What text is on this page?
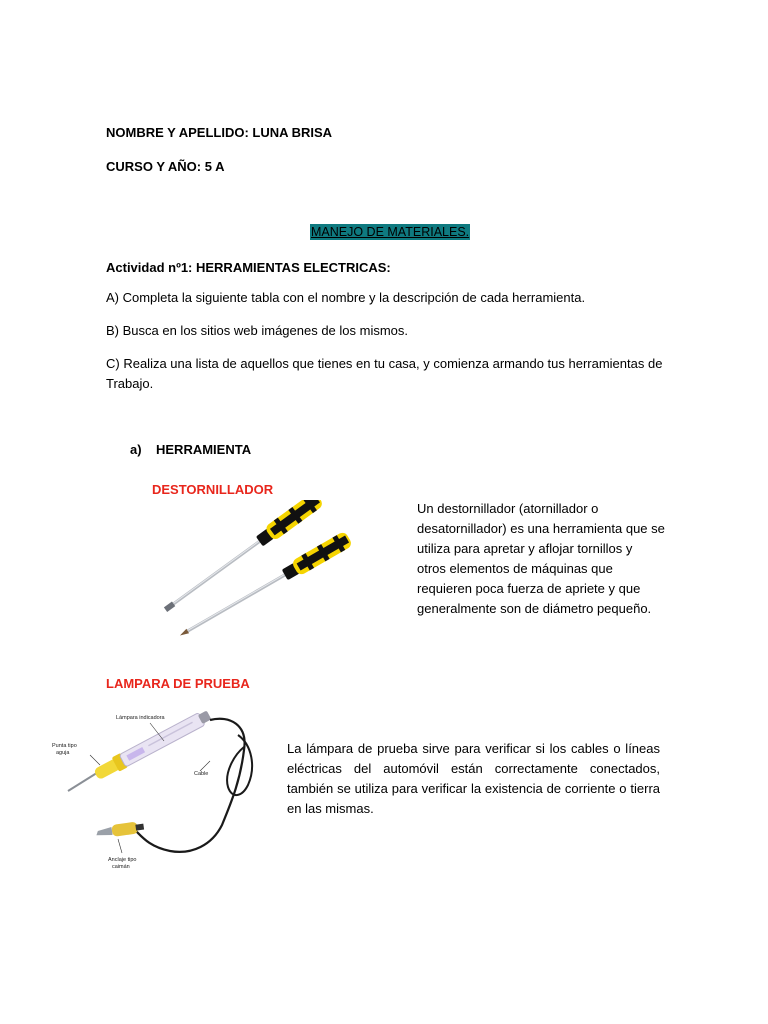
NOMBRE Y APELLIDO: LUNA BRISA
CURSO Y AÑO: 5 A
MANEJO DE MATERIALES.
Actividad nº1: HERRAMIENTAS ELECTRICAS:
A) Completa la siguiente tabla con el nombre y la descripción de cada herramienta.
B) Busca en los sitios web imágenes de los mismos.
C) Realiza una lista de aquellos que tienes en tu casa, y comienza armando tus herramientas de
Trabajo.
a) HERRAMIENTA
DESTORNILLADOR
Un destornillador (atornillador o
desatornillador) es una herramienta que se
utiliza para apretar y aflojar tornillos y
otros elementos de máquinas que
requieren poca fuerza de apriete y que
generalmente son de diámetro pequeño.
LAMPARA DE PRUEBA
Lámpara indicadora
Punta tipo
aguja
Cable
Anclaje tipo
caimán
La lámpara de prueba sirve para verificar si los cables o líneas
eléctricas del automóvil están correctamente conectados,
también se utiliza para verificar la existencia de corriente o tierra
en las mismas.
